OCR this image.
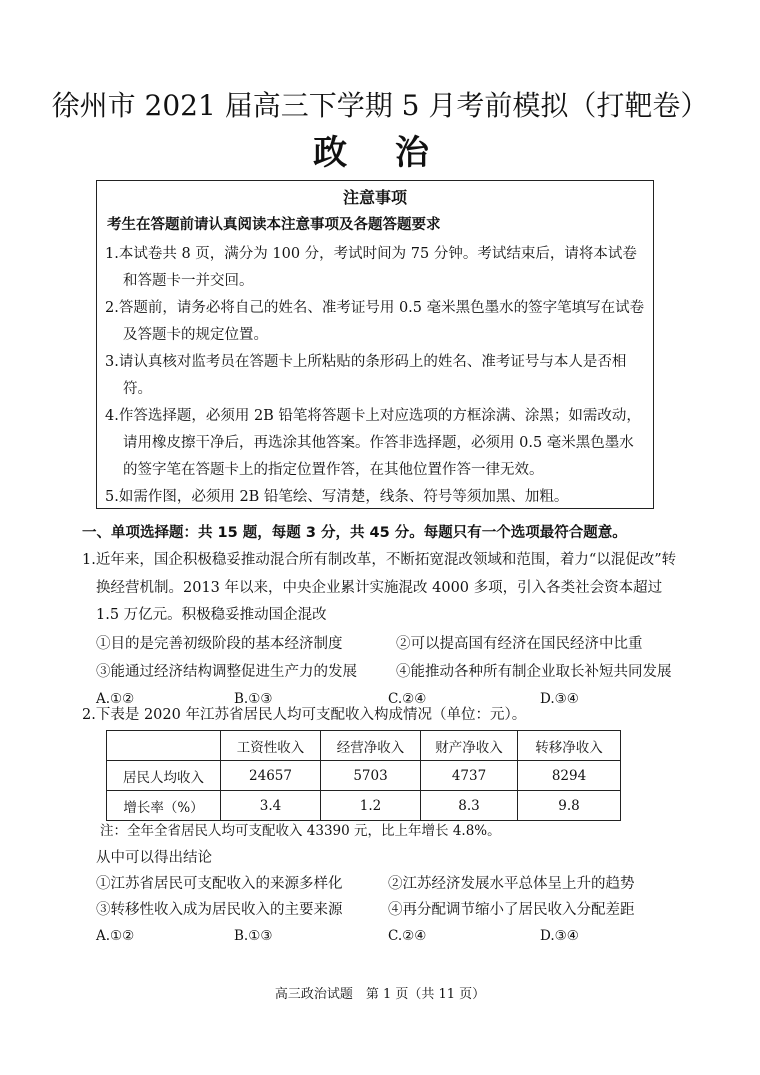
徐州市 2021 届高三下学期 5 月考前模拟（打靶卷）
政 治
注意事项
考生在答题前请认真阅读本注意事项及各题答题要求

1.本试卷共 8 页，满分为 100 分，考试时间为 75 分钟。考试结束后，请将本试卷和答题卡一并交回。

2.答题前，请务必将自己的姓名、准考证号用 0.5 毫米黑色墨水的签字笔填写在试卷及答题卡的规定位置。

3.请认真核对监考员在答题卡上所粘贴的条形码上的姓名、准考证号与本人是否相符。

4.作答选择题，必须用 2B 铅笔将答题卡上对应选项的方框涂满、涂黑；如需改动，请用橡皮擦干净后，再选涂其他答案。作答非选择题，必须用 0.5 毫米黑色墨水的签字笔在答题卡上的指定位置作答，在其他位置作答一律无效。

5.如需作图，必须用 2B 铅笔绘、写清楚，线条、符号等须加黑、加粗。

一、单项选择题：共 15 题，每题 3 分，共 45 分。每题只有一个选项最符合题意。

1.近年来，国企积极稳妥推动混合所有制改革，不断拓宽混改领域和范围，着力“以混促改”转换经营机制。2013 年以来，中央企业累计实施混改 4000 多项，引入各类社会资本超过 1.5 万亿元。积极稳妥推动国企混改

①目的是完善初级阶段的基本经济制度	②可以提高国有经济在国民经济中比重
③能通过经济结构调整促进生产力的发展	④能推动各种所有制企业取长补短共同发展
A.①②	B.①③	C.②④	D.③④
2.下表是 2020 年江苏省居民人均可支配收入构成情况（单位：元）。
	工资性收入	经营净收入	财产净收入	转移净收入
居民人均收入	24657	5703	4737	8294
增长率（%）	3.4	1.2	8.3	9.8
注：全年全省居民人均可支配收入 43390 元，比上年增长 4.8%。
从中可以得出结论
①江苏省居民可支配收入的来源多样化	②江苏经济发展水平总体呈上升的趋势
③转移性收入成为居民收入的主要来源	④再分配调节缩小了居民收入分配差距
A.①②	B.①③	C.②④	D.③④
高三政治试题　第 1 页（共 11 页）
